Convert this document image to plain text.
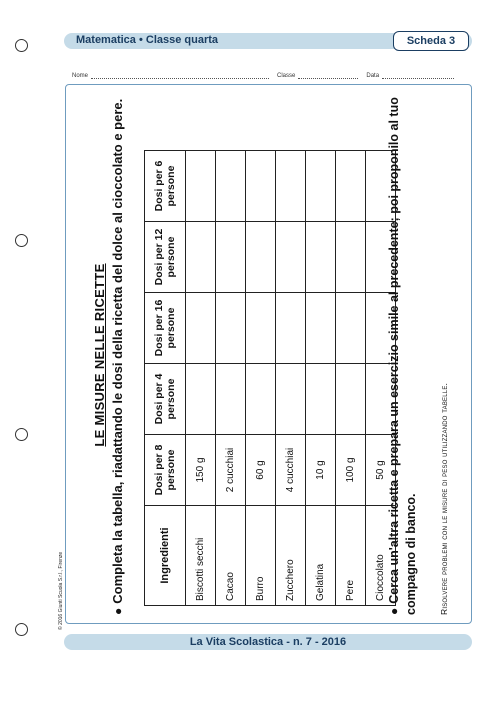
Matematica • Classe quarta	Scheda 3
Nome	Classe	Data
LE MISURE NELLE RICETTE
●Completa la tabella, riadattando le dosi della ricetta del dolce al cioccolato e pere.	Ingredienti	Dosi per 8 persone	Dosi per 4 persone	Dosi per 16 persone	Dosi per 12 persone	Dosi per 6 persone
Biscotti secchi	150 g				
Cacao	2 cucchiai				
Burro	60 g				
Zucchero	4 cucchiai				
Gelatina	10 g				
Pere	100 g				
Cioccolato	50 g				
●Cerca un'altra ricetta e prepara un esercizio simile al precedente; poi proponilo al tuo compagno di banco. Risolvere problemi con le misure di peso utilizzando tabelle.
© 2016 Giunti Scuola S.r.l., Firenze
La Vita Scolastica - n. 7 - 2016
